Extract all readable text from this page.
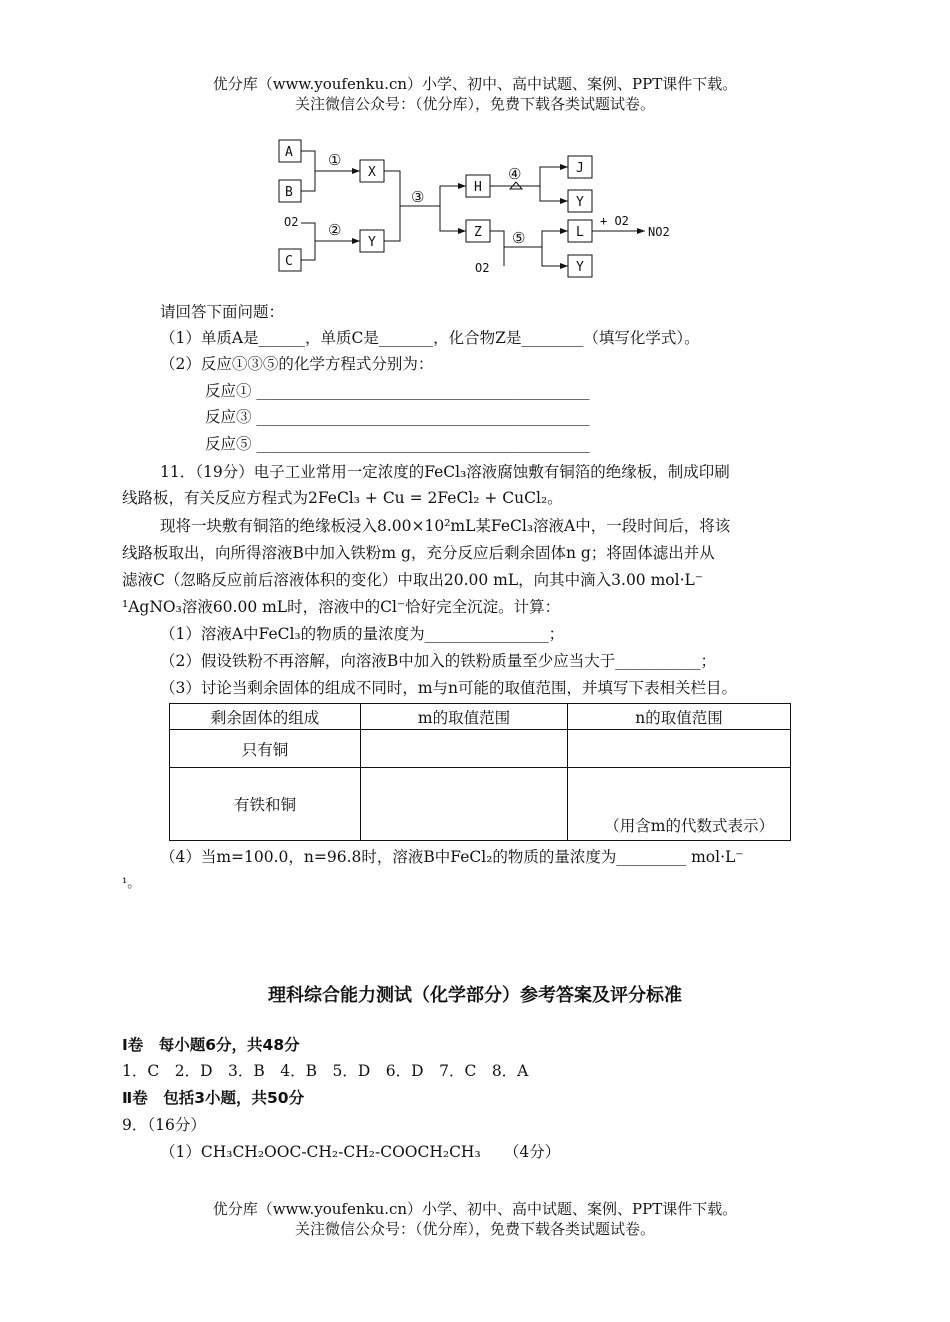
优分库（www.youfenku.cn）小学、初中、高中试题、案例、PPT课件下载。
关注微信公众号：（优分库），免费下载各类试题试卷。
A
B
C
X
Y
H
Z
J
Y
L
Y
O2
O2
+ O2
NO2
①
②
③
④
⑤
请回答下面问题：
（1）单质A是______，单质C是_______，化合物Z是________（填写化学式）。
（2）反应①③⑤的化学方程式分别为：
反应① ___________________________________________
反应③ ___________________________________________
反应⑤ ___________________________________________
11．（19分）电子工业常用一定浓度的FeCl₃溶液腐蚀敷有铜箔的绝缘板，制成印刷
线路板，有关反应方程式为2FeCl₃ + Cu = 2FeCl₂ + CuCl₂。
现将一块敷有铜箔的绝缘板浸入8.00×10²mL某FeCl₃溶液A中，一段时间后，将该
线路板取出，向所得溶液B中加入铁粉m g，充分反应后剩余固体n g；将固体滤出并从
滤液C（忽略反应前后溶液体积的变化）中取出20.00 mL，向其中滴入3.00 mol·L⁻
¹AgNO₃溶液60.00 mL时，溶液中的Cl⁻恰好完全沉淀。计算：
（1）溶液A中FeCl₃的物质的量浓度为________________；
（2）假设铁粉不再溶解，向溶液B中加入的铁粉质量至少应当大于___________；
（3）讨论当剩余固体的组成不同时，m与n可能的取值范围，并填写下表相关栏目。
剩余固体的组成	m的取值范围	n的取值范围
只有铜		
有铁和铜		（用含m的代数式表示）
（4）当m=100.0，n=96.8时，溶液B中FeCl₂的物质的量浓度为_________ mol·L⁻
¹。
理科综合能力测试（化学部分）参考答案及评分标准
Ⅰ卷　每小题6分，共48分
1．C　2．D　3．B　4．B　5．D　6．D　7．C　8．A
Ⅱ卷　包括3小题，共50分
9．（16分）
（1）CH₃CH₂OOC-CH₂-CH₂-COOCH₂CH₃　　（4分）
优分库（www.youfenku.cn）小学、初中、高中试题、案例、PPT课件下载。
关注微信公众号：（优分库），免费下载各类试题试卷。
